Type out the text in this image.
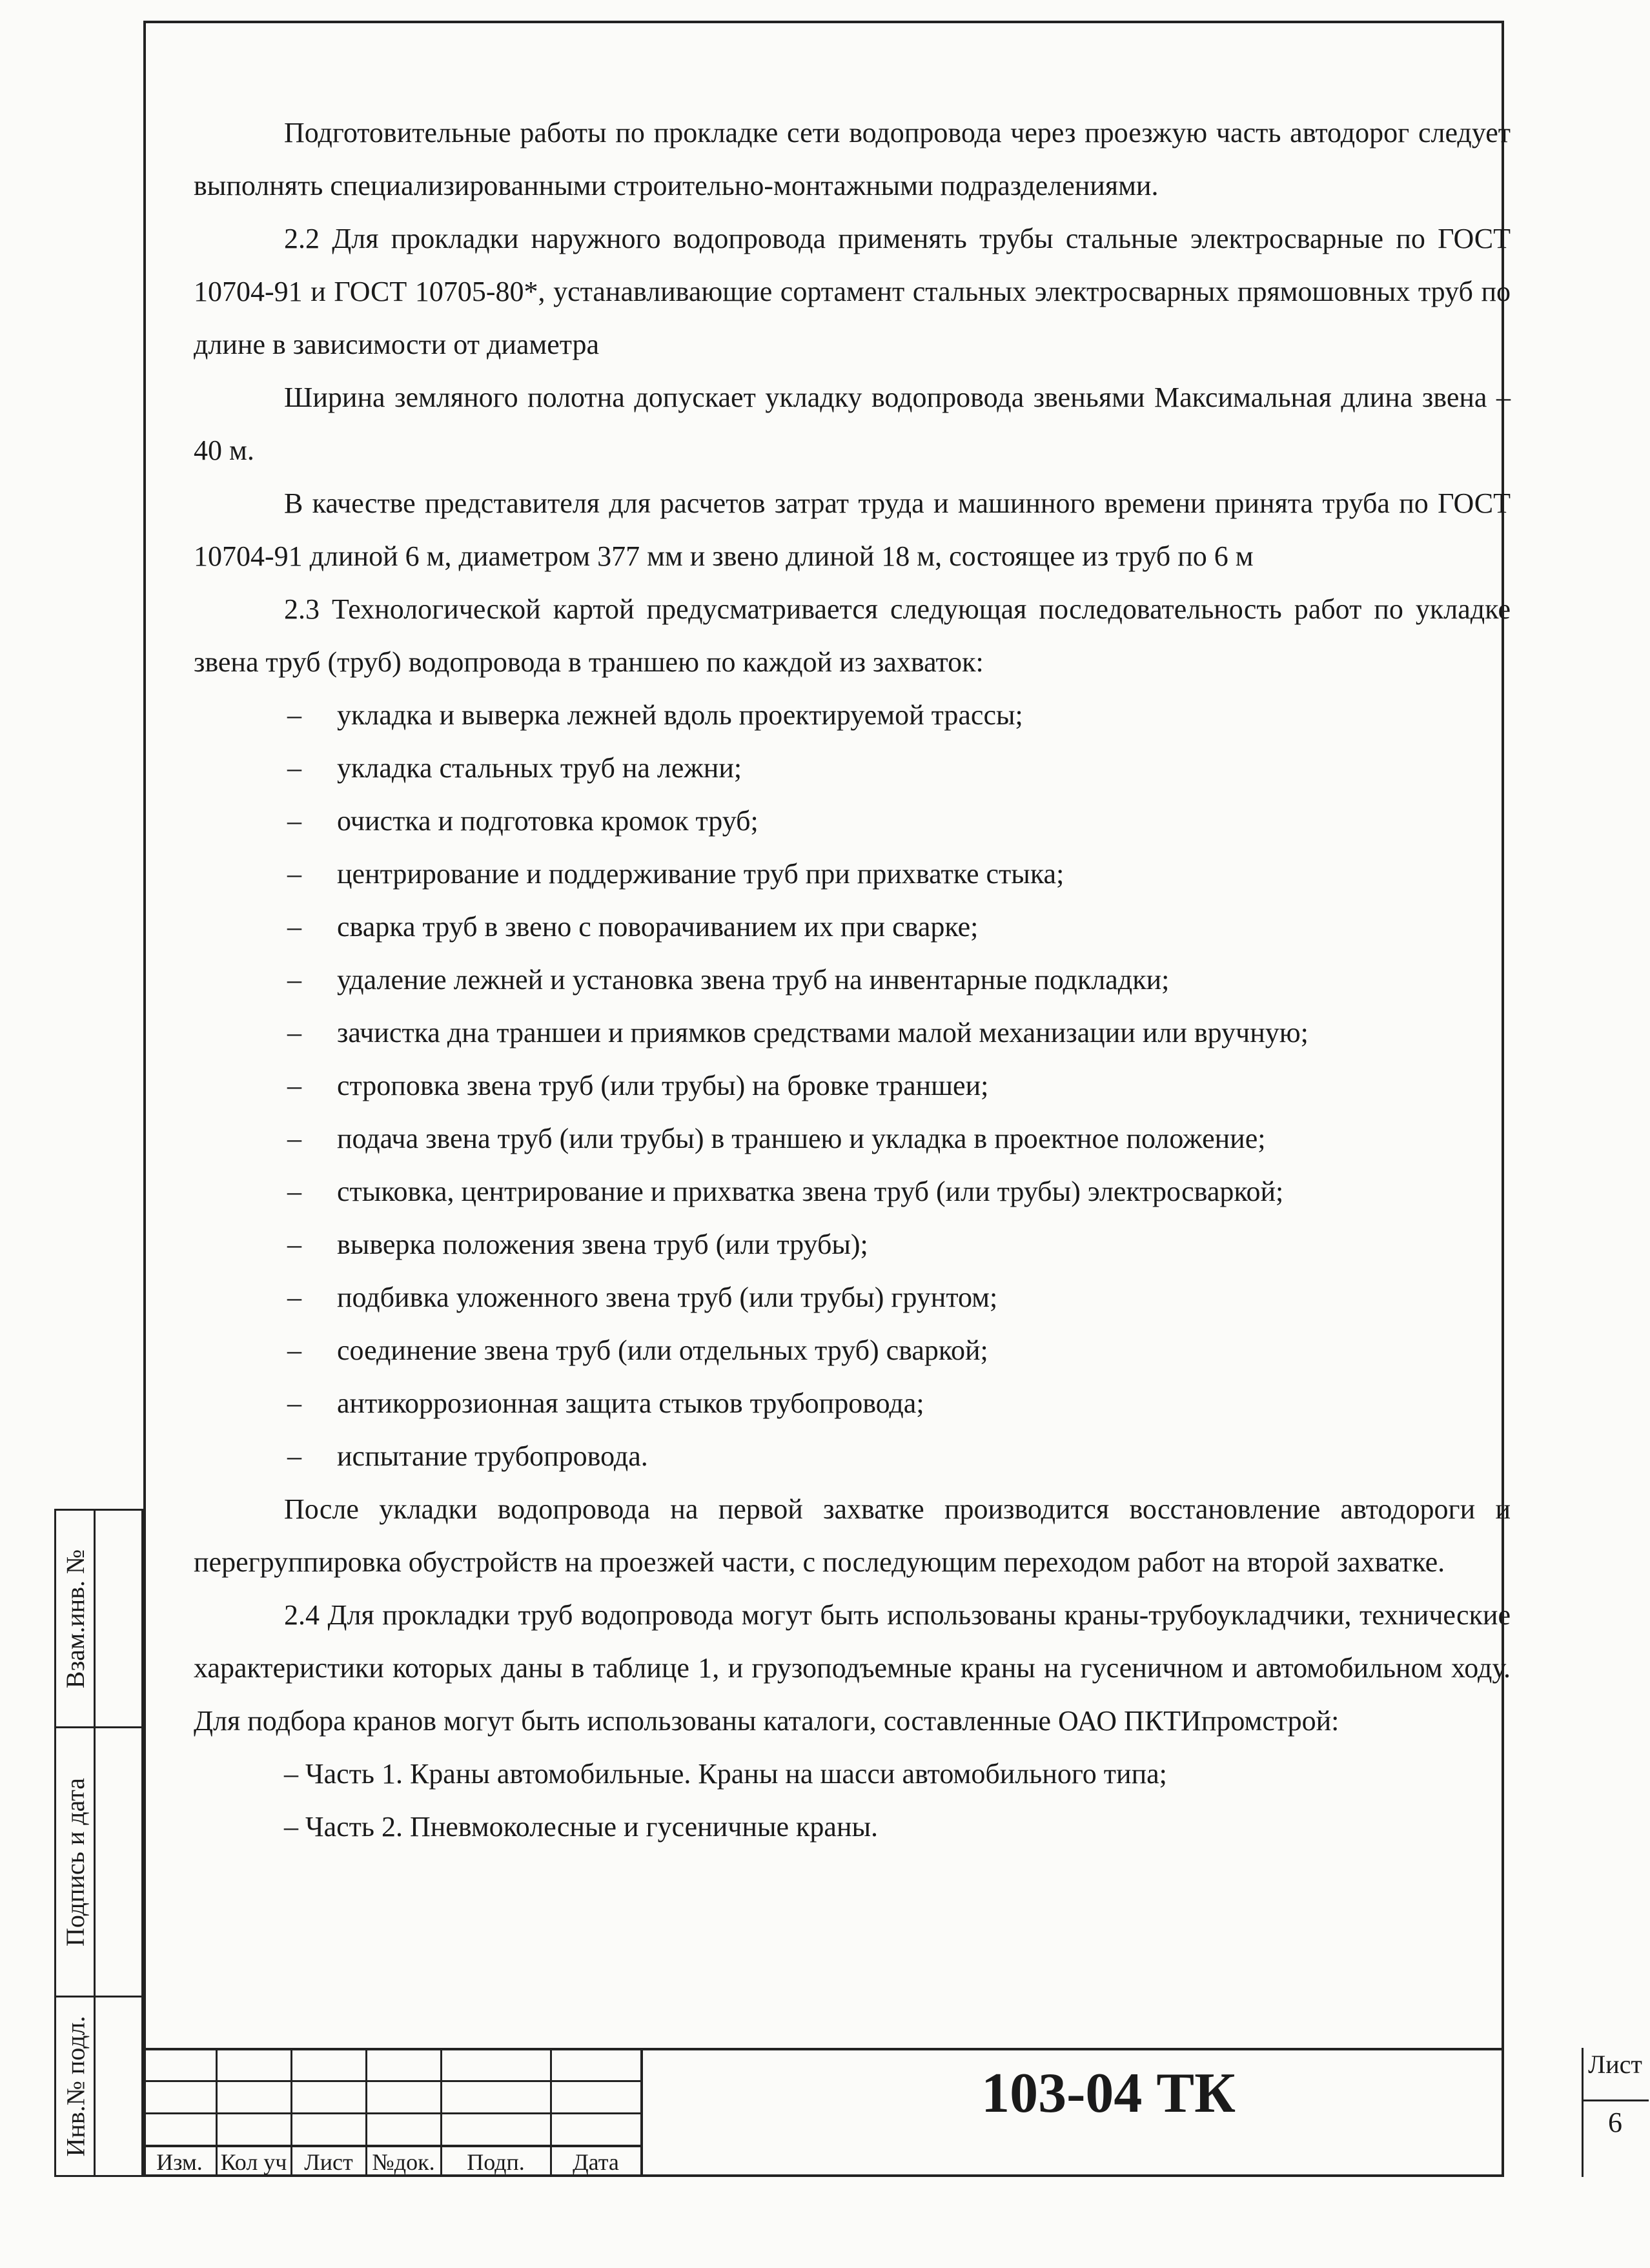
Подготовительные работы по прокладке сети водопровода через проезжую часть автодорог следует выполнять специализированными строительно-монтажными подразделениями.

2.2 Для прокладки наружного водопровода применять трубы стальные электросварные по ГОСТ 10704-91 и ГОСТ 10705-80*, устанавливающие сортамент стальных электросварных прямошовных труб по длине в зависимости от диаметра

Ширина земляного полотна допускает укладку водопровода звеньями Максимальная длина звена – 40 м.

В качестве представителя для расчетов затрат труда и машинного времени принята труба по ГОСТ 10704-91 длиной 6 м, диаметром 377 мм и звено длиной 18 м, состоящее из труб по 6 м

2.3 Технологической картой предусматривается следующая последовательность работ по укладке звена труб (труб) водопровода в траншею по каждой из захваток:

– укладка и выверка лежней вдоль проектируемой трассы;

– укладка стальных труб на лежни;

– очистка и подготовка кромок труб;

– центрирование и поддерживание труб при прихватке стыка;

– сварка труб в звено с поворачиванием их при сварке;

– удаление лежней и установка звена труб на инвентарные подкладки;

– зачистка дна траншеи и приямков средствами малой механизации или вручную;

– строповка звена труб (или трубы) на бровке траншеи;

– подача звена труб (или трубы) в траншею и укладка в проектное положение;

– стыковка, центрирование и прихватка звена труб (или трубы) электросваркой;

– выверка положения звена труб (или трубы);

– подбивка уложенного звена труб (или трубы) грунтом;

– соединение звена труб (или отдельных труб) сваркой;

– антикоррозионная защита стыков трубопровода;

– испытание трубопровода.

После укладки водопровода на первой захватке производится восстановление автодороги и перегруппировка обустройств на проезжей части, с последующим переходом работ на второй захватке.

2.4 Для прокладки труб водопровода могут быть использованы краны-трубоукладчики, технические характеристики которых даны в таблице 1, и грузоподъемные краны на гусеничном и автомобильном ходу. Для подбора кранов могут быть использованы каталоги, составленные ОАО ПКТИпромстрой:

– Часть 1. Краны автомобильные. Краны на шасси автомобильного типа;

– Часть 2. Пневмоколесные и гусеничные краны.

Взам.инв. №
Подпись и дата
Инв.№ подл.
Изм. Кол уч Лист №док.	Подп.	Дата
103-04 ТК	Лист
6
